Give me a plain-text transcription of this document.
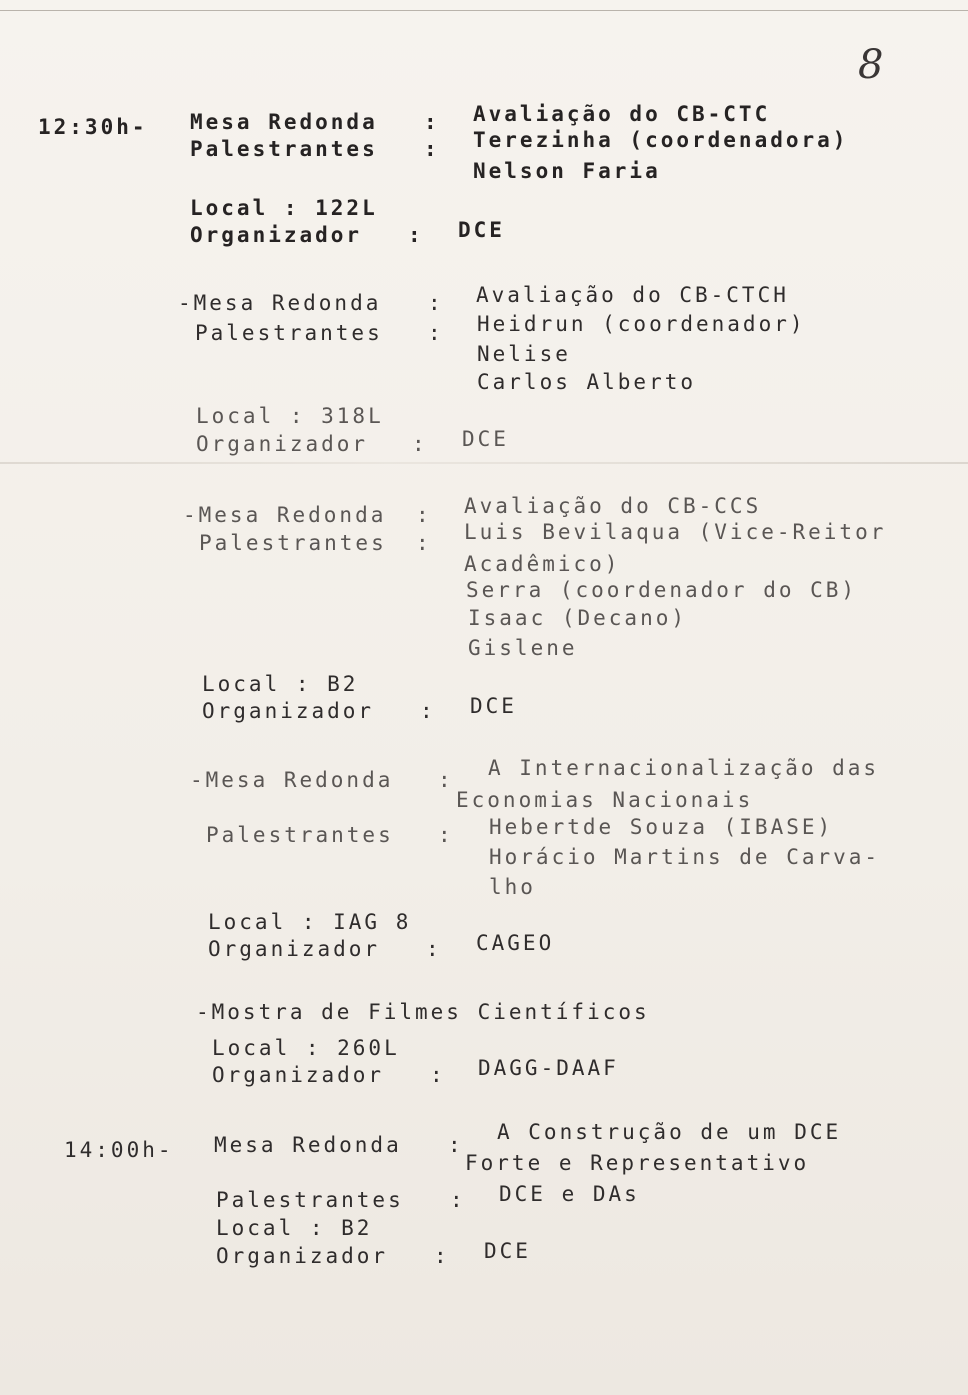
8
12:30h- Mesa Redonda : Avaliação do CB-CTC
Palestrantes : Terezinha (coordenadora)
Nelson Faria
Local : 122L
Organizador : DCE
-Mesa Redonda : Avaliação do CB-CTCH
Palestrantes : Heidrun (coordenador)
Nelise
Carlos Alberto
Local : 318L
Organizador : DCE
-Mesa Redonda : Avaliação do CB-CCS
Palestrantes : Luis Bevilaqua (Vice-Reitor
Acadêmico)
Serra (coordenador do CB)
Isaac (Decano)
Gislene
Local : B2
Organizador : DCE
-Mesa Redonda : A Internacionalização das
Economias Nacionais
Palestrantes : Hebertde Souza (IBASE)
Horácio Martins de Carva-
lho
Local : IAG 8
Organizador : CAGEO
-Mostra de Filmes Científicos
Local : 260L
Organizador : DAGG-DAAF
14:00h- Mesa Redonda :
A Construção de um DCE
Forte e Representativo
Palestrantes : DCE e DAs
Local : B2
Organizador : DCE
